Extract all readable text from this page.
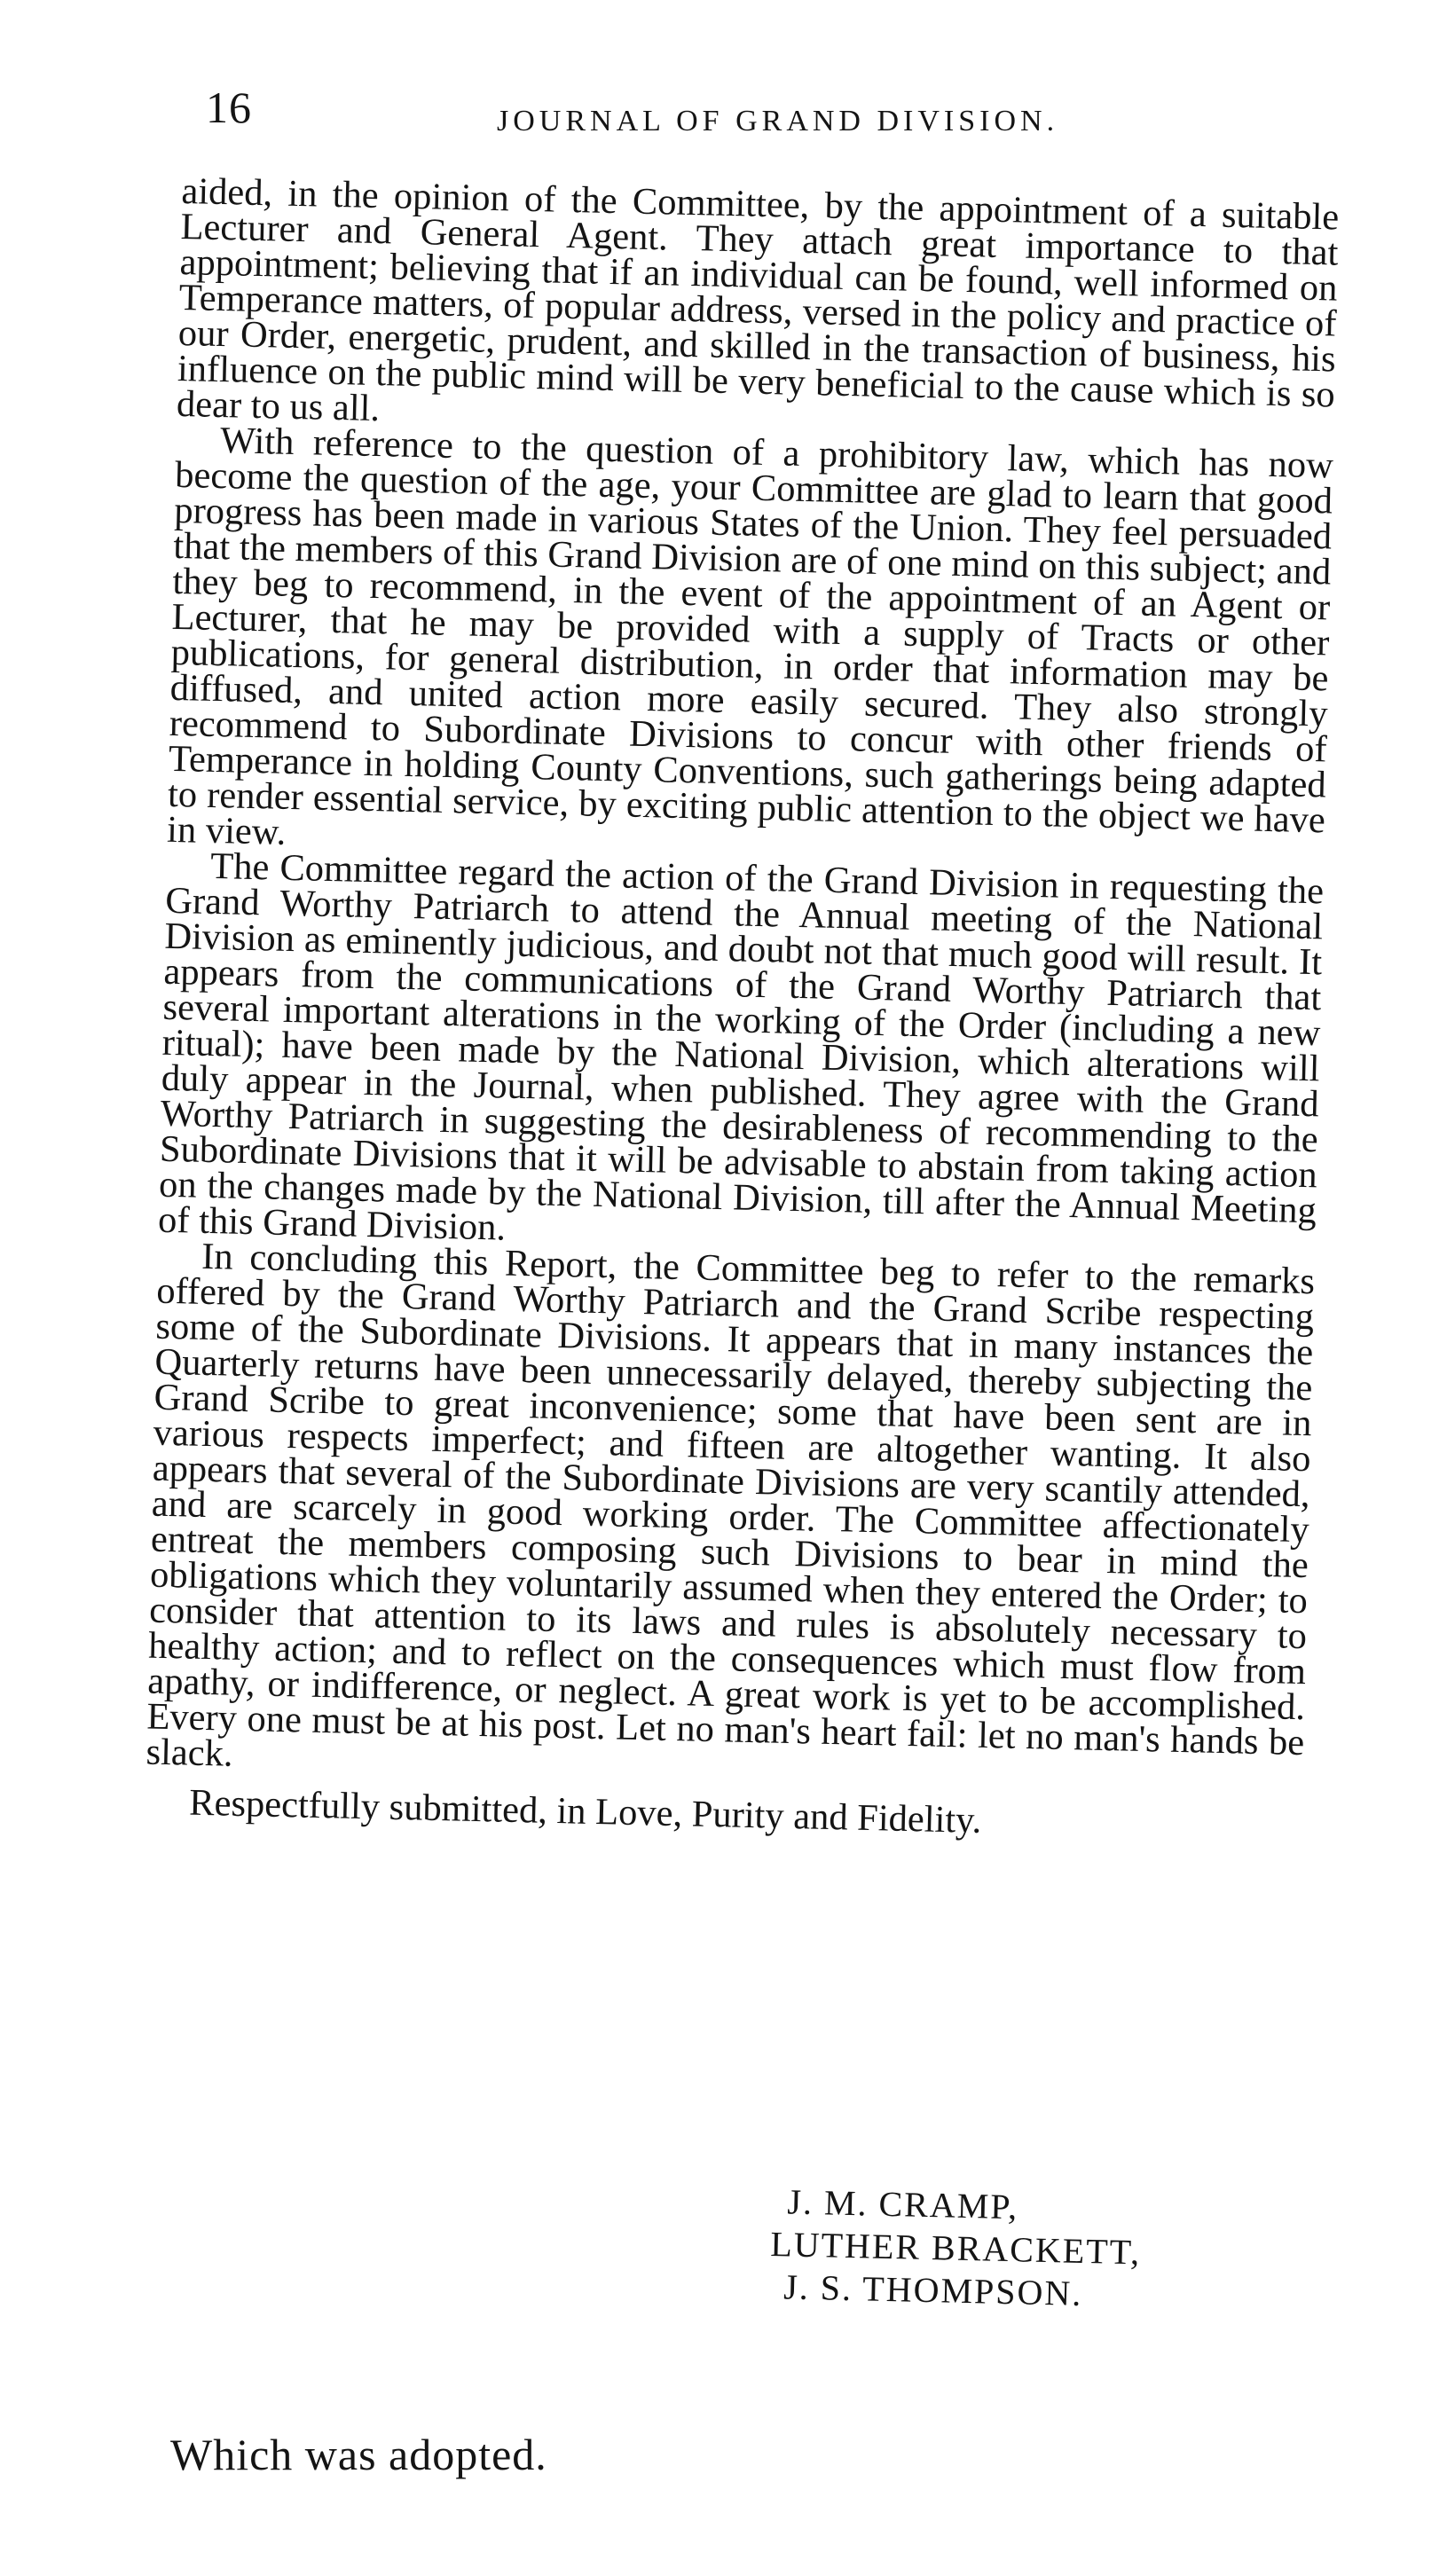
16	JOURNAL OF GRAND DIVISION.

aided, in the opinion of the Committee, by the appointment of a suitable Lecturer and General Agent. They attach great importance to that appointment; believing that if an individual can be found, well informed on Temperance matters, of popular address, versed in the policy and practice of our Order, energetic, prudent, and skilled in the transaction of business, his influence on the public mind will be very beneficial to the cause which is so dear to us all.

With reference to the question of a prohibitory law, which has now become the question of the age, your Committee are glad to learn that good progress has been made in various States of the Union. They feel persuaded that the members of this Grand Division are of one mind on this subject; and they beg to recommend, in the event of the appointment of an Agent or Lecturer, that he may be provided with a supply of Tracts or other publications, for general distribution, in order that information may be diffused, and united action more easily secured. They also strongly recommend to Subordinate Divisions to concur with other friends of Temperance in holding County Conventions, such gatherings being adapted to render essential service, by exciting public attention to the object we have in view.

The Committee regard the action of the Grand Division in requesting the Grand Worthy Patriarch to attend the Annual meeting of the National Division as eminently judicious, and doubt not that much good will result. It appears from the communications of the Grand Worthy Patriarch that several important alterations in the working of the Order (including a new ritual); have been made by the National Division, which alterations will duly appear in the Journal, when published. They agree with the Grand Worthy Patriarch in suggesting the desirableness of recommending to the Subordinate Divisions that it will be advisable to abstain from taking action on the changes made by the National Division, till after the Annual Meeting of this Grand Division.

In concluding this Report, the Committee beg to refer to the remarks offered by the Grand Worthy Patriarch and the Grand Scribe respecting some of the Subordinate Divisions. It appears that in many instances the Quarterly returns have been unnecessarily delayed, thereby subjecting the Grand Scribe to great inconvenience; some that have been sent are in various respects imperfect; and fifteen are altogether wanting. It also appears that several of the Subordinate Divisions are very scantily attended, and are scarcely in good working order. The Committee affectionately entreat the members composing such Divisions to bear in mind the obligations which they voluntarily assumed when they entered the Order; to consider that attention to its laws and rules is absolutely necessary to healthy action; and to reflect on the consequences which must flow from apathy, or indifference, or neglect. A great work is yet to be accomplished. Every one must be at his post. Let no man's heart fail: let no man's hands be slack.

Respectfully submitted, in Love, Purity and Fidelity.

J. M. CRAMP,
LUTHER BRACKETT,
J. S. THOMPSON.
Which was adopted.
